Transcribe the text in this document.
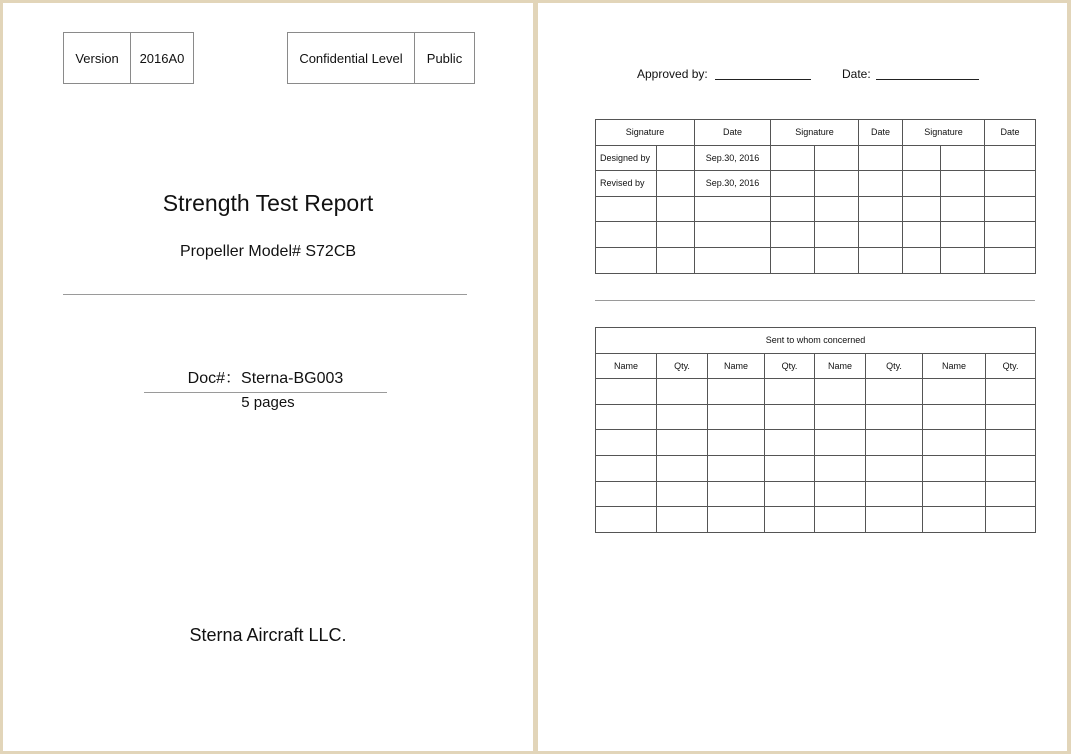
Version	2016A0	Confidential Level	Public
Strength Test Report
Propeller Model# S72CB
Doc#：Sterna-BG003
5 pages
Sterna Aircraft LLC.
Approved by:	Date:
Signature		Date	Signature		Date	Signature		Date
Designed by		Sep.30, 2016						
Revised by		Sep.30, 2016						

Sent to whom concerned							
Name	Qty.	Name	Qty.	Name	Qty.	Name	Qty.
